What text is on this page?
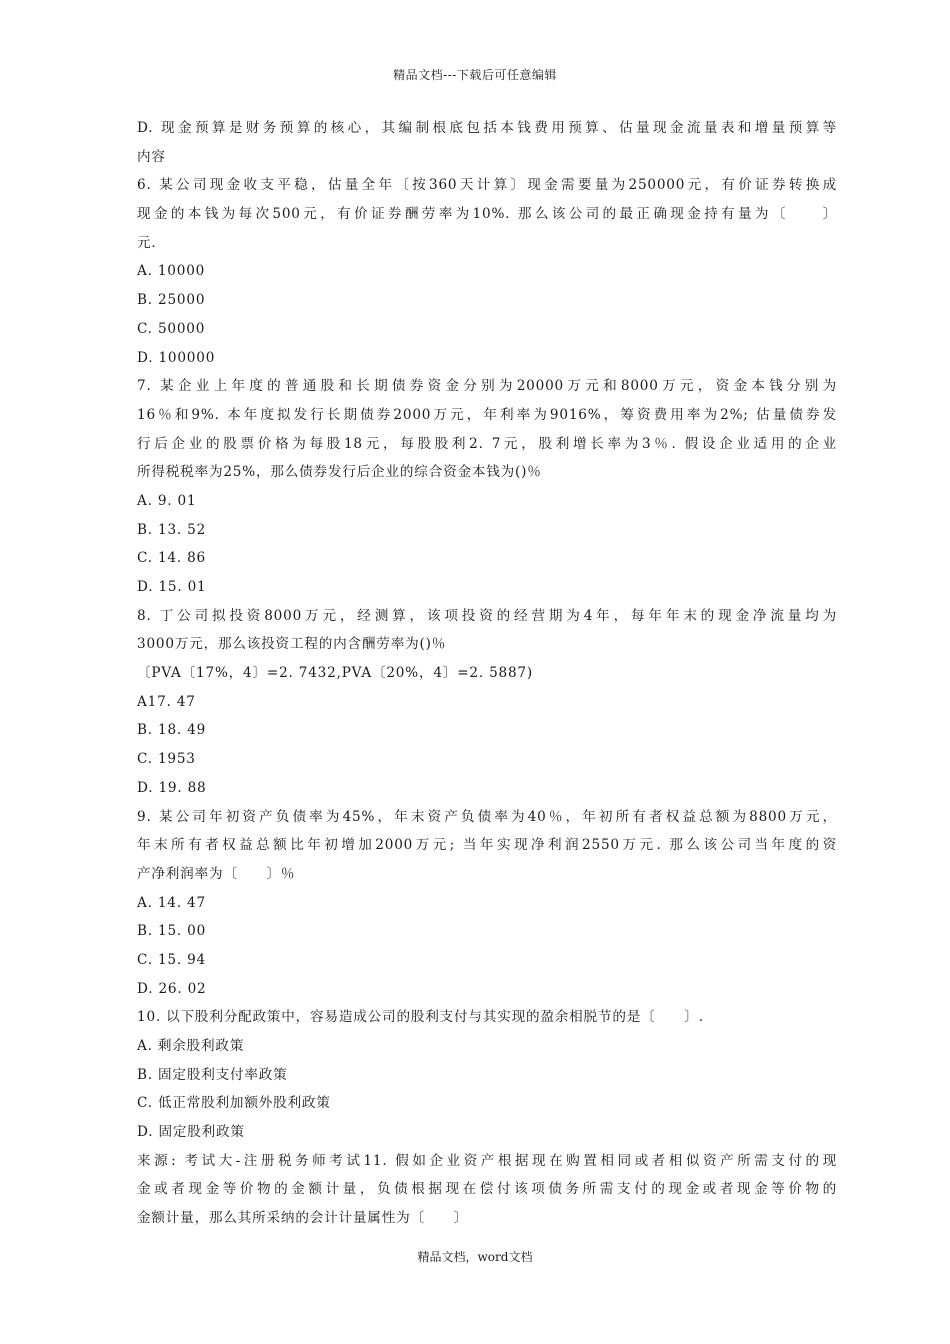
精品文档---下载后可任意编辑
D. 现金预算是财务预算的核心，其编制根底包括本钱费用预算、估量现金流量表和增量预算等
内容
6. 某公司现金收支平稳，估量全年〔按360天计算〕现金需要量为250000元，有价证券转换成
现金的本钱为每次500元，有价证券酬劳率为10%. 那么该公司的最正确现金持有量为〔　　〕
元.
A. 10000
B. 25000
C. 50000
D. 100000
7. 某企业上年度的普通股和长期债券资金分别为20000万元和8000万元，资金本钱分别为
16％和9%. 本年度拟发行长期债券2000万元，年利率为9016%，筹资费用率为2%; 估量债券发
行后企业的股票价格为每股18元，每股股利2. 7元，股利增长率为3％. 假设企业适用的企业
所得税税率为25%，那么债券发行后企业的综合资金本钱为()％
A. 9. 01
B. 13. 52
C. 14. 86
D. 15. 01
8. 丁公司拟投资8000万元，经测算，该项投资的经营期为4年，每年年末的现金净流量均为
3000万元，那么该投资工程的内含酬劳率为()％
〔PVA〔17%，4〕=2. 7432,PVA〔20%，4〕=2. 5887)
A17. 47
B. 18. 49
C. 1953
D. 19. 88
9. 某公司年初资产负债率为45%，年末资产负债率为40％，年初所有者权益总额为8800万元，
年末所有者权益总额比年初增加2000万元; 当年实现净利润2550万元. 那么该公司当年度的资
产净利润率为〔　　〕％
A. 14. 47
B. 15. 00
C. 15. 94
D. 26. 02
10. 以下股利分配政策中，容易造成公司的股利支付与其实现的盈余相脱节的是〔　　〕.
A. 剩余股利政策
B. 固定股利支付率政策
C. 低正常股利加额外股利政策
D. 固定股利政策
来源: 考试大-注册税务师考试11. 假如企业资产根据现在购置相同或者相似资产所需支付的现
金或者现金等价物的金额计量，负债根据现在偿付该项债务所需支付的现金或者现金等价物的
金额计量，那么其所采纳的会计计量属性为〔　　〕
精品文档，word文档
